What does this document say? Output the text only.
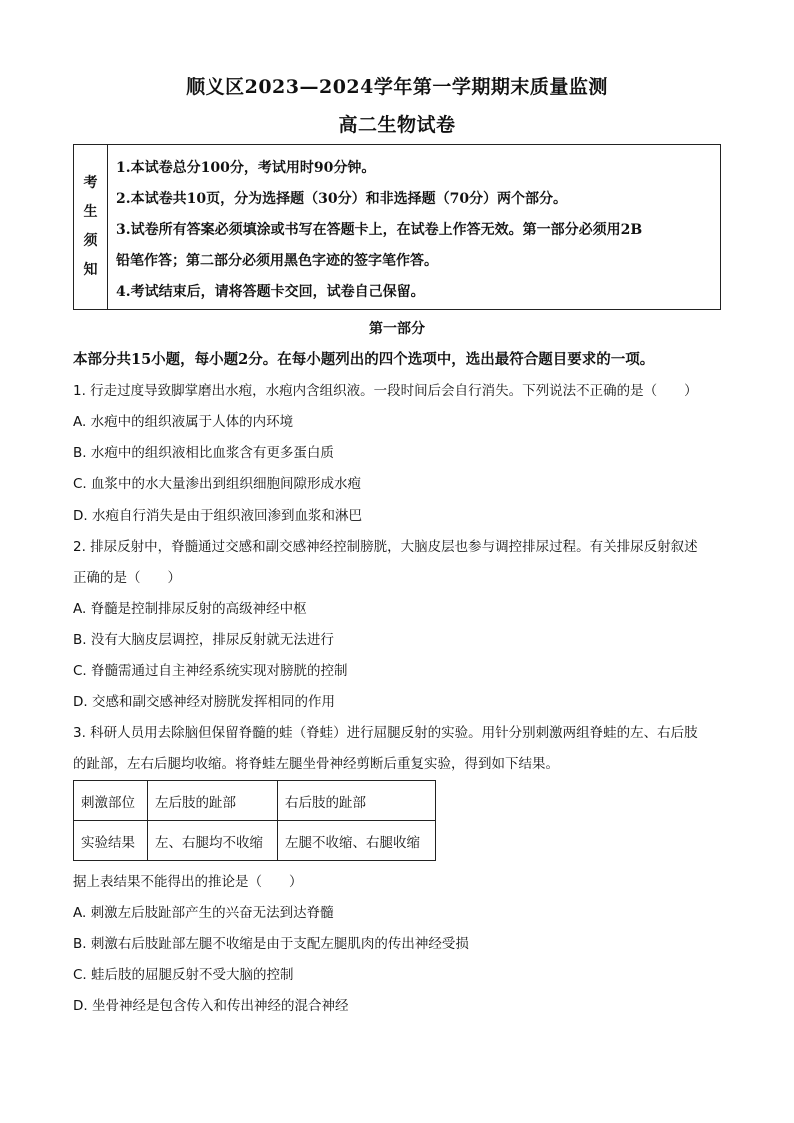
顺义区2023—2024学年第一学期期末质量监测
高二生物试卷
考
生
须
知

1.本试卷总分100分，考试用时90分钟。

2.本试卷共10页，分为选择题（30分）和非选择题（70分）两个部分。

3.试卷所有答案必须填涂或书写在答题卡上，在试卷上作答无效。第一部分必须用2B

铅笔作答；第二部分必须用黑色字迹的签字笔作答。

4.考试结束后，请将答题卡交回，试卷自己保留。

第一部分
本部分共15小题，每小题2分。在每小题列出的四个选项中，选出最符合题目要求的一项。
1. 行走过度导致脚掌磨出水疱，水疱内含组织液。一段时间后会自行消失。下列说法不正确的是（　　）
A. 水疱中的组织液属于人体的内环境
B. 水疱中的组织液相比血浆含有更多蛋白质
C. 血浆中的水大量渗出到组织细胞间隙形成水疱
D. 水疱自行消失是由于组织液回渗到血浆和淋巴
2. 排尿反射中，脊髓通过交感和副交感神经控制膀胱，大脑皮层也参与调控排尿过程。有关排尿反射叙述
正确的是（　　）
A. 脊髓是控制排尿反射的高级神经中枢
B. 没有大脑皮层调控，排尿反射就无法进行
C. 脊髓需通过自主神经系统实现对膀胱的控制
D. 交感和副交感神经对膀胱发挥相同的作用
3. 科研人员用去除脑但保留脊髓的蛙（脊蛙）进行屈腿反射的实验。用针分别刺激两组脊蛙的左、右后肢
的趾部，左右后腿均收缩。将脊蛙左腿坐骨神经剪断后重复实验，得到如下结果。
刺激部位	左后肢的趾部	右后肢的趾部
实验结果	左、右腿均不收缩	左腿不收缩、右腿收缩
据上表结果不能得出的推论是（　　）
A. 刺激左后肢趾部产生的兴奋无法到达脊髓
B. 刺激右后肢趾部左腿不收缩是由于支配左腿肌肉的传出神经受损
C. 蛙后肢的屈腿反射不受大脑的控制
D. 坐骨神经是包含传入和传出神经的混合神经
